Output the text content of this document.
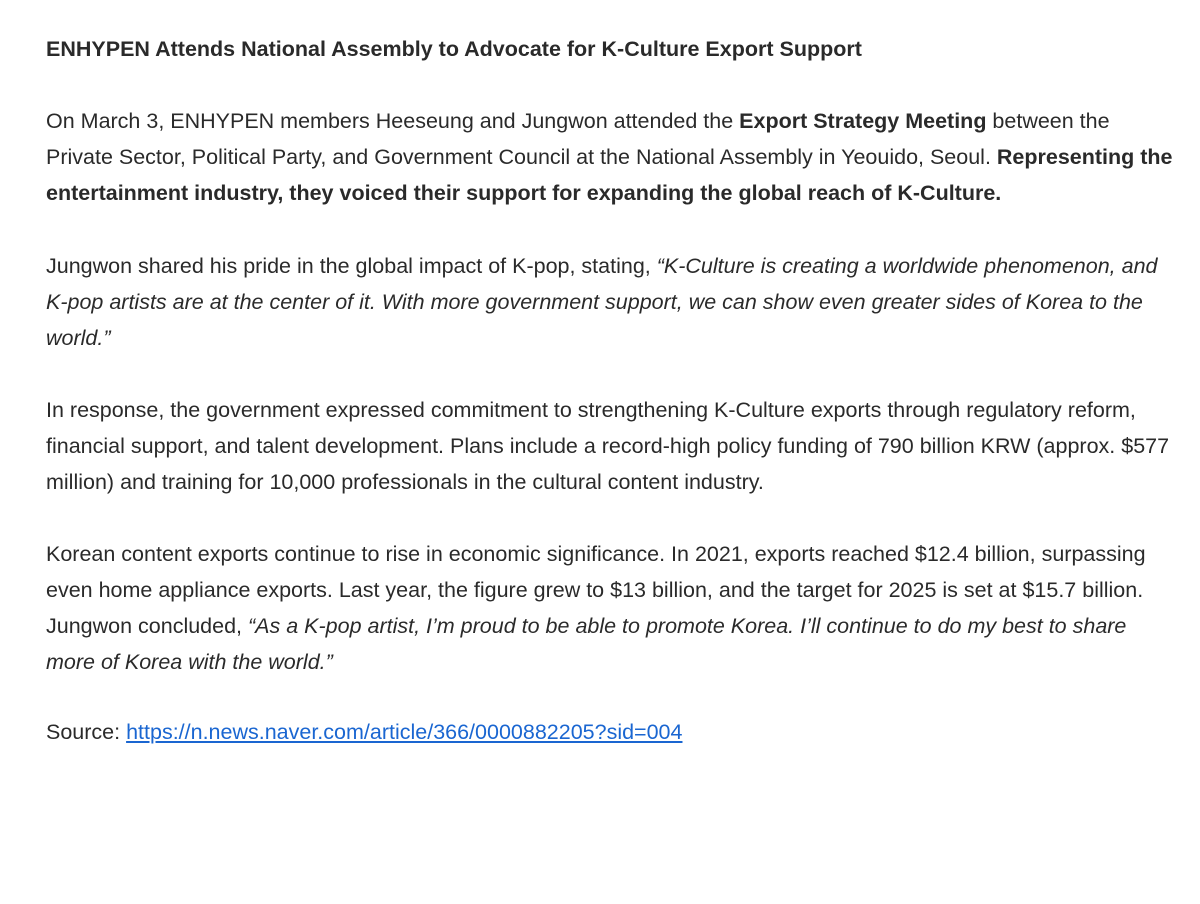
ENHYPEN Attends National Assembly to Advocate for K-Culture Export Support

On March 3, ENHYPEN members Heeseung and Jungwon attended the Export Strategy Meeting between the Private Sector, Political Party, and Government Council at the National Assembly in Yeouido, Seoul. Representing the entertainment industry, they voiced their support for expanding the global reach of K-Culture.

Jungwon shared his pride in the global impact of K-pop, stating, “K-Culture is creating a worldwide phenomenon, and K-pop artists are at the center of it. With more government support, we can show even greater sides of Korea to the world.”

In response, the government expressed commitment to strengthening K-Culture exports through regulatory reform, financial support, and talent development. Plans include a record-high policy funding of 790 billion KRW (approx. $577 million) and training for 10,000 professionals in the cultural content industry.

Korean content exports continue to rise in economic significance. In 2021, exports reached $12.4 billion, surpassing even home appliance exports. Last year, the figure grew to $13 billion, and the target for 2025 is set at $15.7 billion.

Jungwon concluded, “As a K-pop artist, I’m proud to be able to promote Korea. I’ll continue to do my best to share more of Korea with the world.”

Source: https://n.news.naver.com/article/366/0000882205?sid=004
